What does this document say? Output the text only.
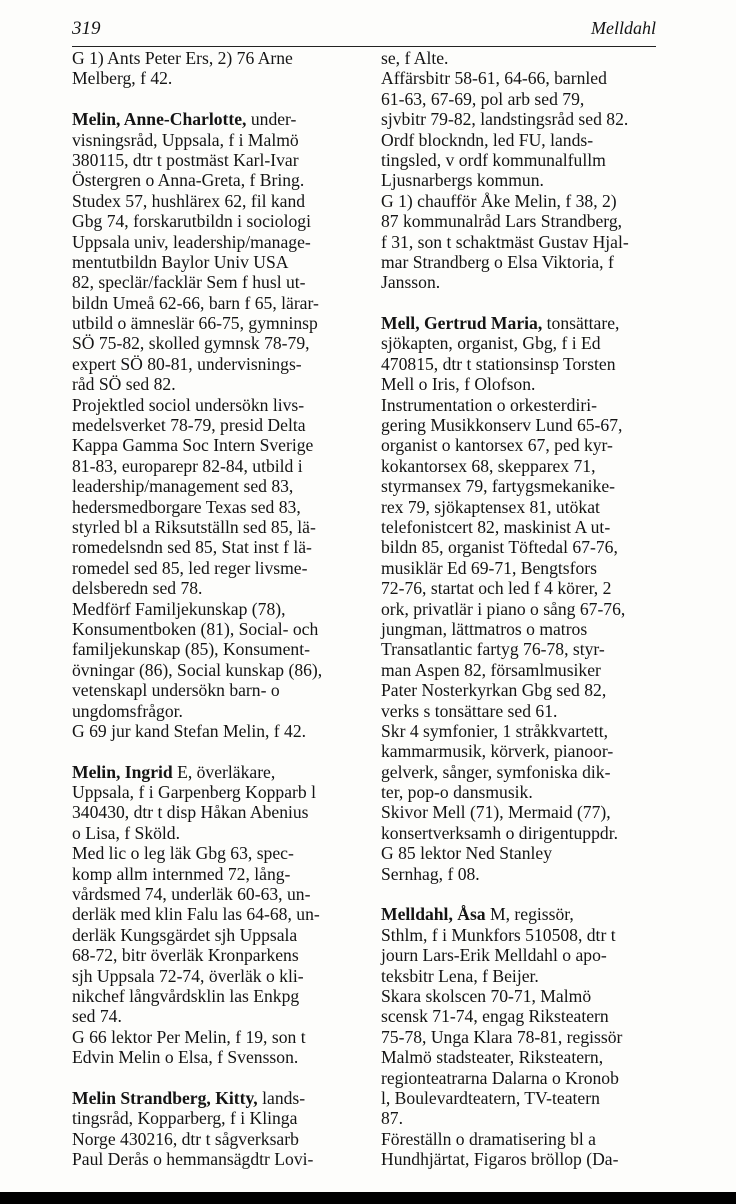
319	Melldahl
G 1) Ants Peter Ers, 2) 76 Arne
Melberg, f 42.
Melin, Anne-Charlotte, under-
visningsråd, Uppsala, f i Malmö
380115, dtr t postmäst Karl-Ivar
Östergren o Anna-Greta, f Bring.
Studex 57, hushlärex 62, fil kand
Gbg 74, forskarutbildn i sociologi
Uppsala univ, leadership/manage-
mentutbildn Baylor Univ USA
82, speclär/facklär Sem f husl ut-
bildn Umeå 62-66, barn f 65, lärar-
utbild o ämneslär 66-75, gymninsp
SÖ 75-82, skolled gymnsk 78-79,
expert SÖ 80-81, undervisnings-
råd SÖ sed 82.
Projektled sociol undersökn livs-
medelsverket 78-79, presid Delta
Kappa Gamma Soc Intern Sverige
81-83, europarepr 82-84, utbild i
leadership/management sed 83,
hedersmedborgare Texas sed 83,
styrled bl a Riksutställn sed 85, lä-
romedelsndn sed 85, Stat inst f lä-
romedel sed 85, led reger livsme-
delsberedn sed 78.
Medförf Familjekunskap (78),
Konsumentboken (81), Social- och
familjekunskap (85), Konsument-
övningar (86), Social kunskap (86),
vetenskapl undersökn barn- o
ungdomsfrågor.
G 69 jur kand Stefan Melin, f 42.
Melin, Ingrid E, överläkare,
Uppsala, f i Garpenberg Kopparb l
340430, dtr t disp Håkan Abenius
o Lisa, f Sköld.
Med lic o leg läk Gbg 63, spec-
komp allm internmed 72, lång-
vårdsmed 74, underläk 60-63, un-
derläk med klin Falu las 64-68, un-
derläk Kungsgärdet sjh Uppsala
68-72, bitr överläk Kronparkens
sjh Uppsala 72-74, överläk o kli-
nikchef långvårdsklin las Enkpg
sed 74.
G 66 lektor Per Melin, f 19, son t
Edvin Melin o Elsa, f Svensson.
Melin Strandberg, Kitty, lands-
tingsråd, Kopparberg, f i Klinga
Norge 430216, dtr t sågverksarb
Paul Derås o hemmansägdtr Lovi-
se, f Alte.
Affärsbitr 58-61, 64-66, barnled
61-63, 67-69, pol arb sed 79,
sjvbitr 79-82, landstingsråd sed 82.
Ordf blockndn, led FU, lands-
tingsled, v ordf kommunalfullm
Ljusnarbergs kommun.
G 1) chaufför Åke Melin, f 38, 2)
87 kommunalråd Lars Strandberg,
f 31, son t schaktmäst Gustav Hjal-
mar Strandberg o Elsa Viktoria, f
Jansson.
Mell, Gertrud Maria, tonsättare,
sjökapten, organist, Gbg, f i Ed
470815, dtr t stationsinsp Torsten
Mell o Iris, f Olofson.
Instrumentation o orkesterdiri-
gering Musikkonserv Lund 65-67,
organist o kantorsex 67, ped kyr-
kokantorsex 68, skepparex 71,
styrmansex 79, fartygsmekanike-
rex 79, sjökaptensex 81, utökat
telefonistcert 82, maskinist A ut-
bildn 85, organist Töftedal 67-76,
musiklär Ed 69-71, Bengtsfors
72-76, startat och led f 4 körer, 2
ork, privatlär i piano o sång 67-76,
jungman, lättmatros o matros
Transatlantic fartyg 76-78, styr-
man Aspen 82, församlmusiker
Pater Nosterkyrkan Gbg sed 82,
verks s tonsättare sed 61.
Skr 4 symfonier, 1 stråkkvartett,
kammarmusik, körverk, pianoor-
gelverk, sånger, symfoniska dik-
ter, pop-o dansmusik.
Skivor Mell (71), Mermaid (77),
konsertverksamh o dirigentuppdr.
G 85 lektor Ned Stanley
Sernhag, f 08.
Melldahl, Åsa M, regissör,
Sthlm, f i Munkfors 510508, dtr t
journ Lars-Erik Melldahl o apo-
teksbitr Lena, f Beijer.
Skara skolscen 70-71, Malmö
scensk 71-74, engag Riksteatern
75-78, Unga Klara 78-81, regissör
Malmö stadsteater, Riksteatern,
regionteatrarna Dalarna o Kronob
l, Boulevardteatern, TV-teatern
87.
Föreställn o dramatisering bl a
Hundhjärtat, Figaros bröllop (Da-
